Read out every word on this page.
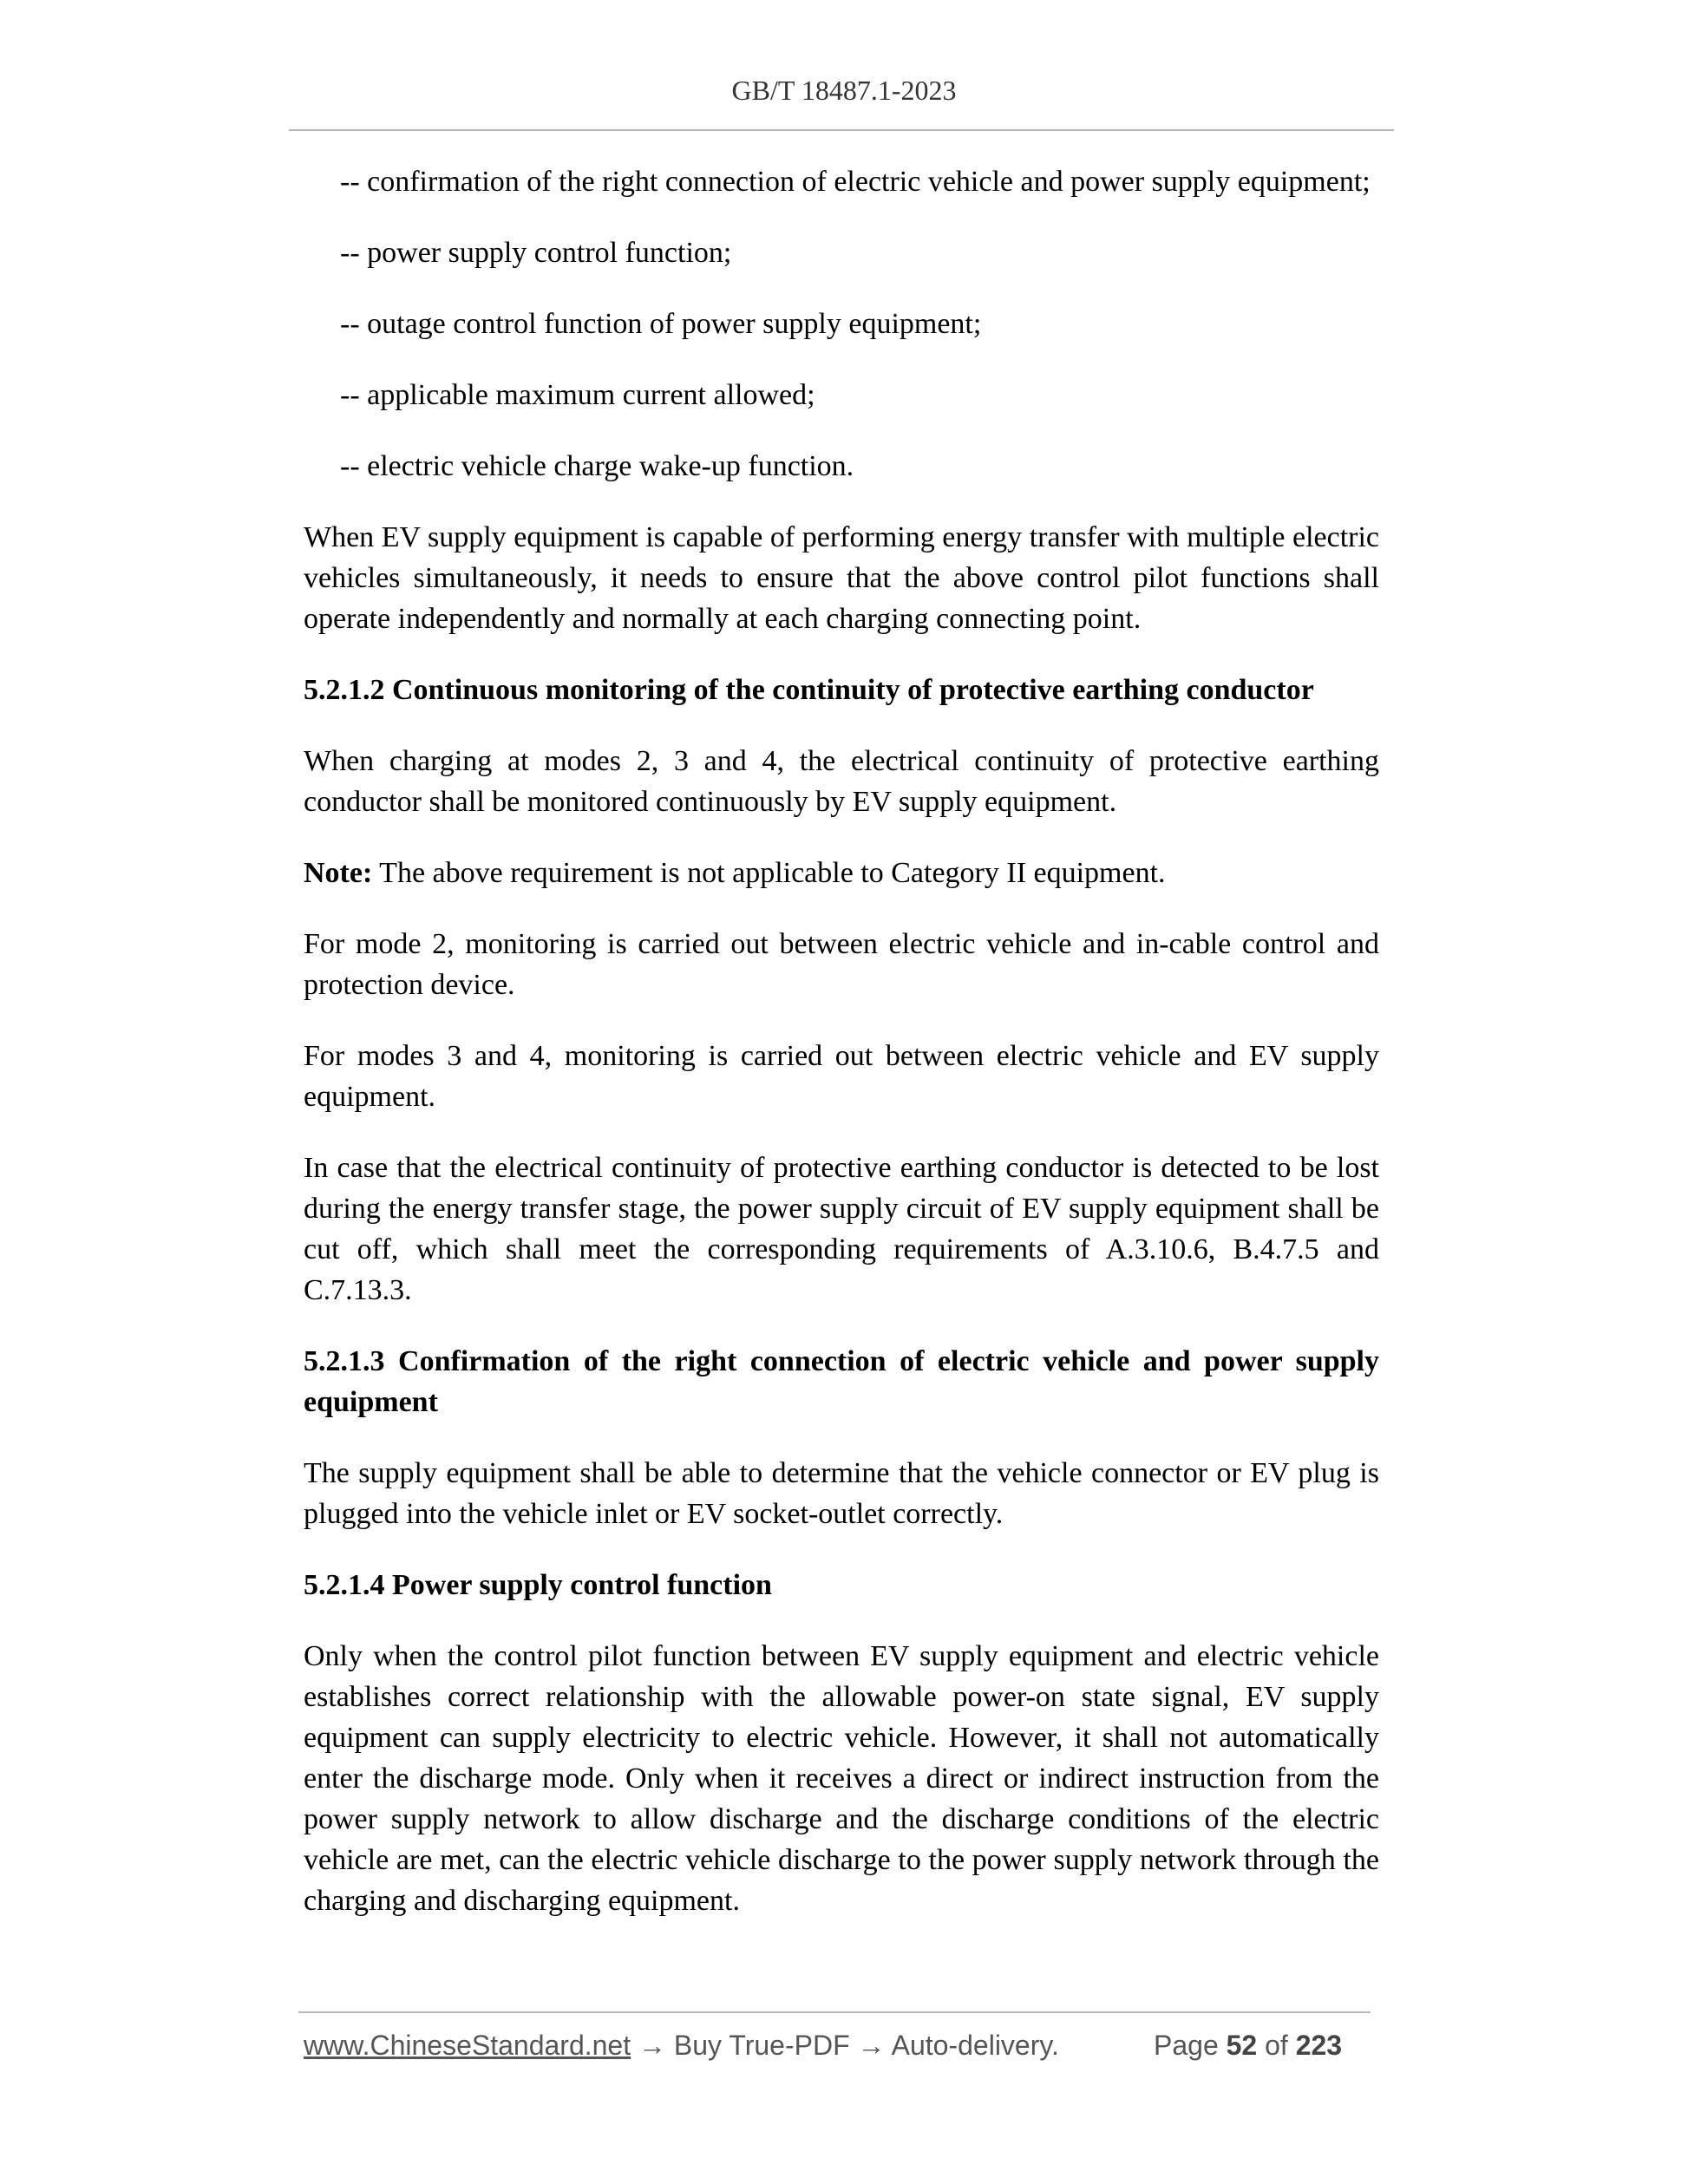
GB/T 18487.1-2023

-- confirmation of the right connection of electric vehicle and power supply equipment;

-- power supply control function;

-- outage control function of power supply equipment;

-- applicable maximum current allowed;

-- electric vehicle charge wake-up function.

When EV supply equipment is capable of performing energy transfer with multiple electric vehicles simultaneously, it needs to ensure that the above control pilot functions shall operate independently and normally at each charging connecting point.

5.2.1.2 Continuous monitoring of the continuity of protective earthing conductor

When charging at modes 2, 3 and 4, the electrical continuity of protective earthing conductor shall be monitored continuously by EV supply equipment.

Note: The above requirement is not applicable to Category II equipment.

For mode 2, monitoring is carried out between electric vehicle and in-cable control and protection device.

For modes 3 and 4, monitoring is carried out between electric vehicle and EV supply equipment.

In case that the electrical continuity of protective earthing conductor is detected to be lost during the energy transfer stage, the power supply circuit of EV supply equipment shall be cut off, which shall meet the corresponding requirements of A.3.10.6, B.4.7.5 and C.7.13.3.

5.2.1.3 Confirmation of the right connection of electric vehicle and power supply equipment

The supply equipment shall be able to determine that the vehicle connector or EV plug is plugged into the vehicle inlet or EV socket-outlet correctly.

5.2.1.4 Power supply control function

Only when the control pilot function between EV supply equipment and electric vehicle establishes correct relationship with the allowable power-on state signal, EV supply equipment can supply electricity to electric vehicle. However, it shall not automatically enter the discharge mode. Only when it receives a direct or indirect instruction from the power supply network to allow discharge and the discharge conditions of the electric vehicle are met, can the electric vehicle discharge to the power supply network through the charging and discharging equipment.

www.ChineseStandard.net → Buy True-PDF → Auto-delivery.	Page 52 of 223
